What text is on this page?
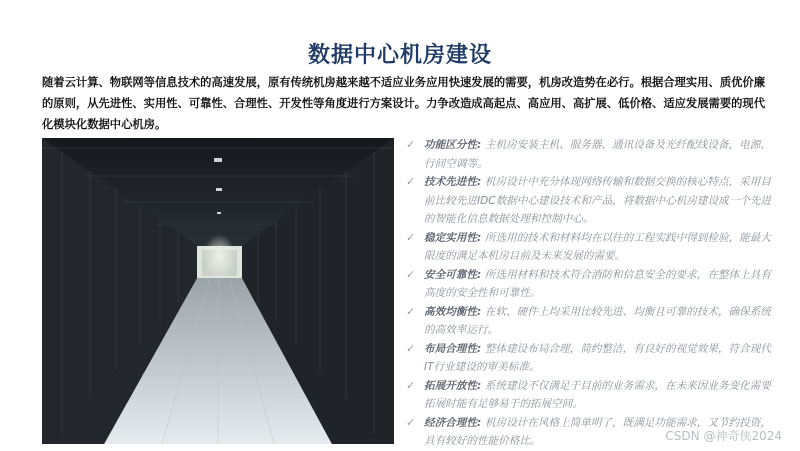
数据中心机房建设
随着云计算、物联网等信息技术的高速发展，原有传统机房越来越不适应业务应用快速发展的需要，机房改造势在必行。根据合理实用、质优价廉的原则，从先进性、实用性、可靠性、合理性、开发性等角度进行方案设计。力争改造成高起点、高应用、高扩展、低价格、适应发展需要的现代化模块化数据中心机房。
✓ 功能区分性: 主机房安装主机、服务器、通讯设备及光纤配线设备，电源、行间空调等。
✓ 技术先进性: 机房设计中充分体现网络传输和数据交换的核心特点，采用目前比较先进IDC数据中心建设技术和产品，将数据中心机房建设成一个先进的智能化信息数据处理和控制中心。
✓ 稳定实用性: 所选用的技术和材料均在以往的工程实践中得到检验，能最大限度的满足本机房目前及未来发展的需要。
✓ 安全可靠性: 所选用材料和技术符合消防和信息安全的要求，在整体上具有高度的安全性和可靠性。
✓ 高效均衡性: 在软、硬件上均采用比较先进、均衡且可靠的技术，确保系统的高效率运行。
✓ 布局合理性: 整体建设布局合理，简约整洁，有良好的视觉效果，符合现代IT行业建设的审美标准。
✓ 拓展开放性: 系统建设不仅满足于目前的业务需求，在未来因业务变化需要拓展时能有足够易于的拓展空间。
✓ 经济合理性: 机房设计在风格上简单明了，既满足功能需求，又节约投资，具有较好的性能价格比。	CSDN @神奇侠2024
